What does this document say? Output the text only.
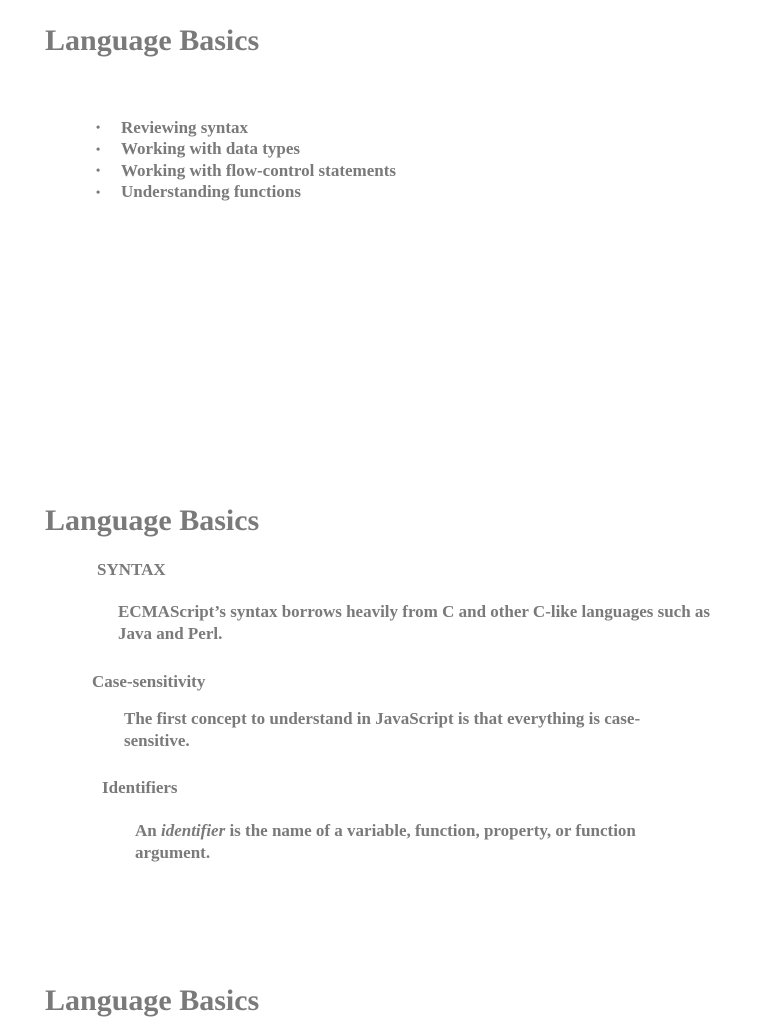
Language Basics
•	Reviewing syntax
•	Working with data types
•	Working with flow-control statements
•	Understanding functions
Language Basics
SYNTAX

ECMAScript’s syntax borrows heavily from C and other C-like languages such as
Java and Perl.

Case-sensitivity

The first concept to understand in JavaScript is that everything is case-
sensitive.

Identifiers

An identifier is the name of a variable, function, property, or function
argument.

Language Basics
